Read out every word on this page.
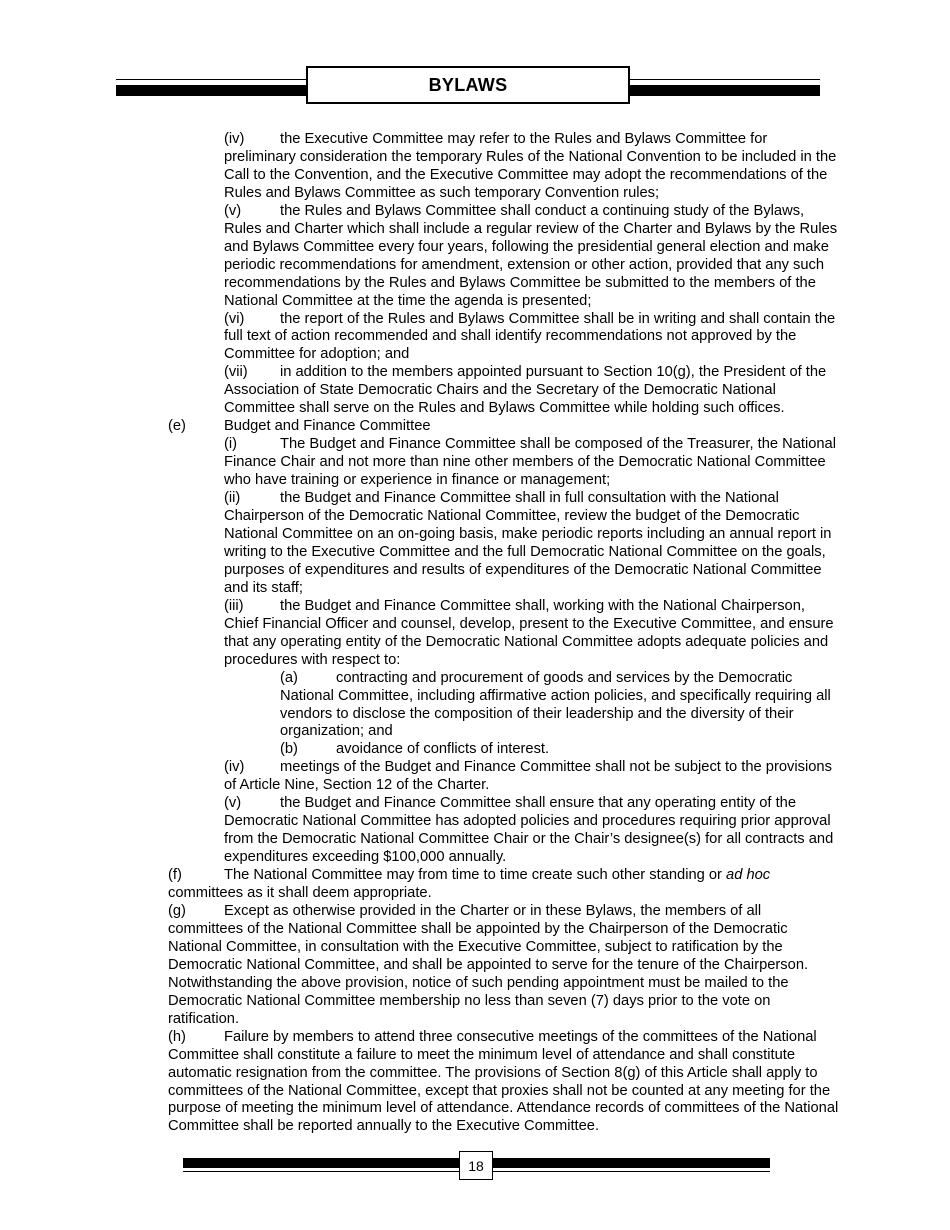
BYLAWS

(iv) the Executive Committee may refer to the Rules and Bylaws Committee for preliminary consideration the temporary Rules of the National Convention to be included in the Call to the Convention, and the Executive Committee may adopt the recommendations of the Rules and Bylaws Committee as such temporary Convention rules;

(v)	the Rules and Bylaws Committee shall conduct a continuing study of the Bylaws, Rules and Charter which shall include a regular review of the Charter and Bylaws by the Rules and Bylaws Committee every four years, following the presidential general election and make periodic recommendations for amendment, extension or other action, provided that any such recommendations by the Rules and Bylaws Committee be submitted to the members of the National Committee at the time the agenda is presented;

(vi) the report of the Rules and Bylaws Committee shall be in writing and shall contain the full text of action recommended and shall identify recommendations not approved by the Committee for adoption; and

(vii) in addition to the members appointed pursuant to Section 10(g), the President of the Association of State Democratic Chairs and the Secretary of the Democratic National Committee shall serve on the Rules and Bylaws Committee while holding such offices.

(e)	Budget and Finance Committee

(i)	The Budget and Finance Committee shall be composed of the Treasurer, the National Finance Chair and not more than nine other members of the Democratic National Committee who have training or experience in finance or management;

(ii)	the Budget and Finance Committee shall in full consultation with the National Chairperson of the Democratic National Committee, review the budget of the Democratic National Committee on an on-going basis, make periodic reports including an annual report in writing to the Executive Committee and the full Democratic National Committee on the goals, purposes of expenditures and results of expenditures of the Democratic National Committee and its staff;

(iii) the Budget and Finance Committee shall, working with the National Chairperson, Chief Financial Officer and counsel, develop, present to the Executive Committee, and ensure that any operating entity of the Democratic National Committee adopts adequate policies and procedures with respect to:

(a)	contracting and procurement of goods and services by the Democratic National Committee, including affirmative action policies, and specifically requiring all vendors to disclose the composition of their leadership and the diversity of their organization; and

(b)	avoidance of conflicts of interest.

(iv) meetings of the Budget and Finance Committee shall not be subject to the provisions of Article Nine, Section 12 of the Charter.

(v)	the Budget and Finance Committee shall ensure that any operating entity of the Democratic National Committee has adopted policies and procedures requiring prior approval from the Democratic National Committee Chair or the Chair’s designee(s) for all contracts and expenditures exceeding $100,000 annually.

(f)	The National Committee may from time to time create such other standing or ad hoc committees as it shall deem appropriate.

(g)	Except as otherwise provided in the Charter or in these Bylaws, the members of all committees of the National Committee shall be appointed by the Chairperson of the Democratic National Committee, in consultation with the Executive Committee, subject to ratification by the Democratic National Committee, and shall be appointed to serve for the tenure of the Chairperson. Notwithstanding the above provision, notice of such pending appointment must be mailed to the Democratic National Committee membership no less than seven (7) days prior to the vote on ratification.

(h)	Failure by members to attend three consecutive meetings of the committees of the National Committee shall constitute a failure to meet the minimum level of attendance and shall constitute automatic resignation from the committee. The provisions of Section 8(g) of this Article shall apply to committees of the National Committee, except that proxies shall not be counted at any meeting for the purpose of meeting the minimum level of attendance. Attendance records of committees of the National Committee shall be reported annually to the Executive Committee.

18
